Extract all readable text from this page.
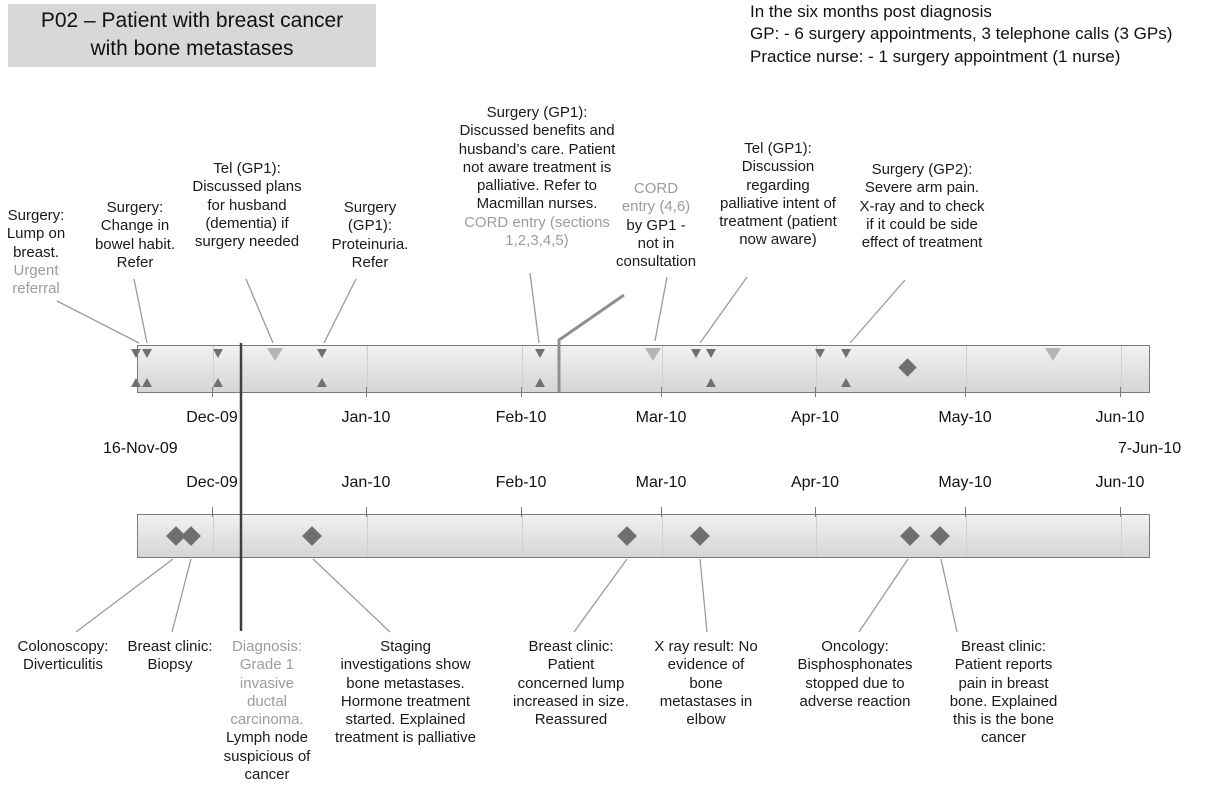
P02 – Patient with breast cancer
with bone metastases
In the six months post diagnosis
GP: - 6 surgery appointments, 3 telephone calls (3 GPs)
Practice nurse: - 1 surgery appointment (1 nurse)
Dec-09	Jan-10	Feb-10	Mar-10	Apr-10	May-10	Jun-10
16-Nov-09	7-Jun-10
Dec-09	Jan-10	Feb-10	Mar-10	Apr-10	May-10	Jun-10
Surgery: Lump on breast. Urgent referral
Surgery: Change in bowel habit. Refer
Tel (GP1): Discussed plans for husband (dementia) if surgery needed
Surgery (GP1): Proteinuria. Refer
Surgery (GP1): Discussed benefits and husband’s care. Patient not aware treatment is palliative. Refer to Macmillan nurses.
CORD entry (sections 1,2,3,4,5)
CORD entry (4,6) by GP1 - not in consultation
Tel (GP1): Discussion regarding palliative intent of treatment (patient now aware)
Surgery (GP2): Severe arm pain. X-ray and to check if it could be side effect of treatment
Colonoscopy: Diverticulitis
Breast clinic: Biopsy
Diagnosis: Grade 1 invasive ductal carcinoma. Lymph node suspicious of cancer
Staging investigations show bone metastases. Hormone treatment started. Explained treatment is palliative
Breast clinic: Patient concerned lump increased in size. Reassured
X ray result: No evidence of bone metastases in elbow
Oncology: Bisphosphonates stopped due to adverse reaction
Breast clinic: Patient reports pain in breast bone. Explained this is the bone cancer
